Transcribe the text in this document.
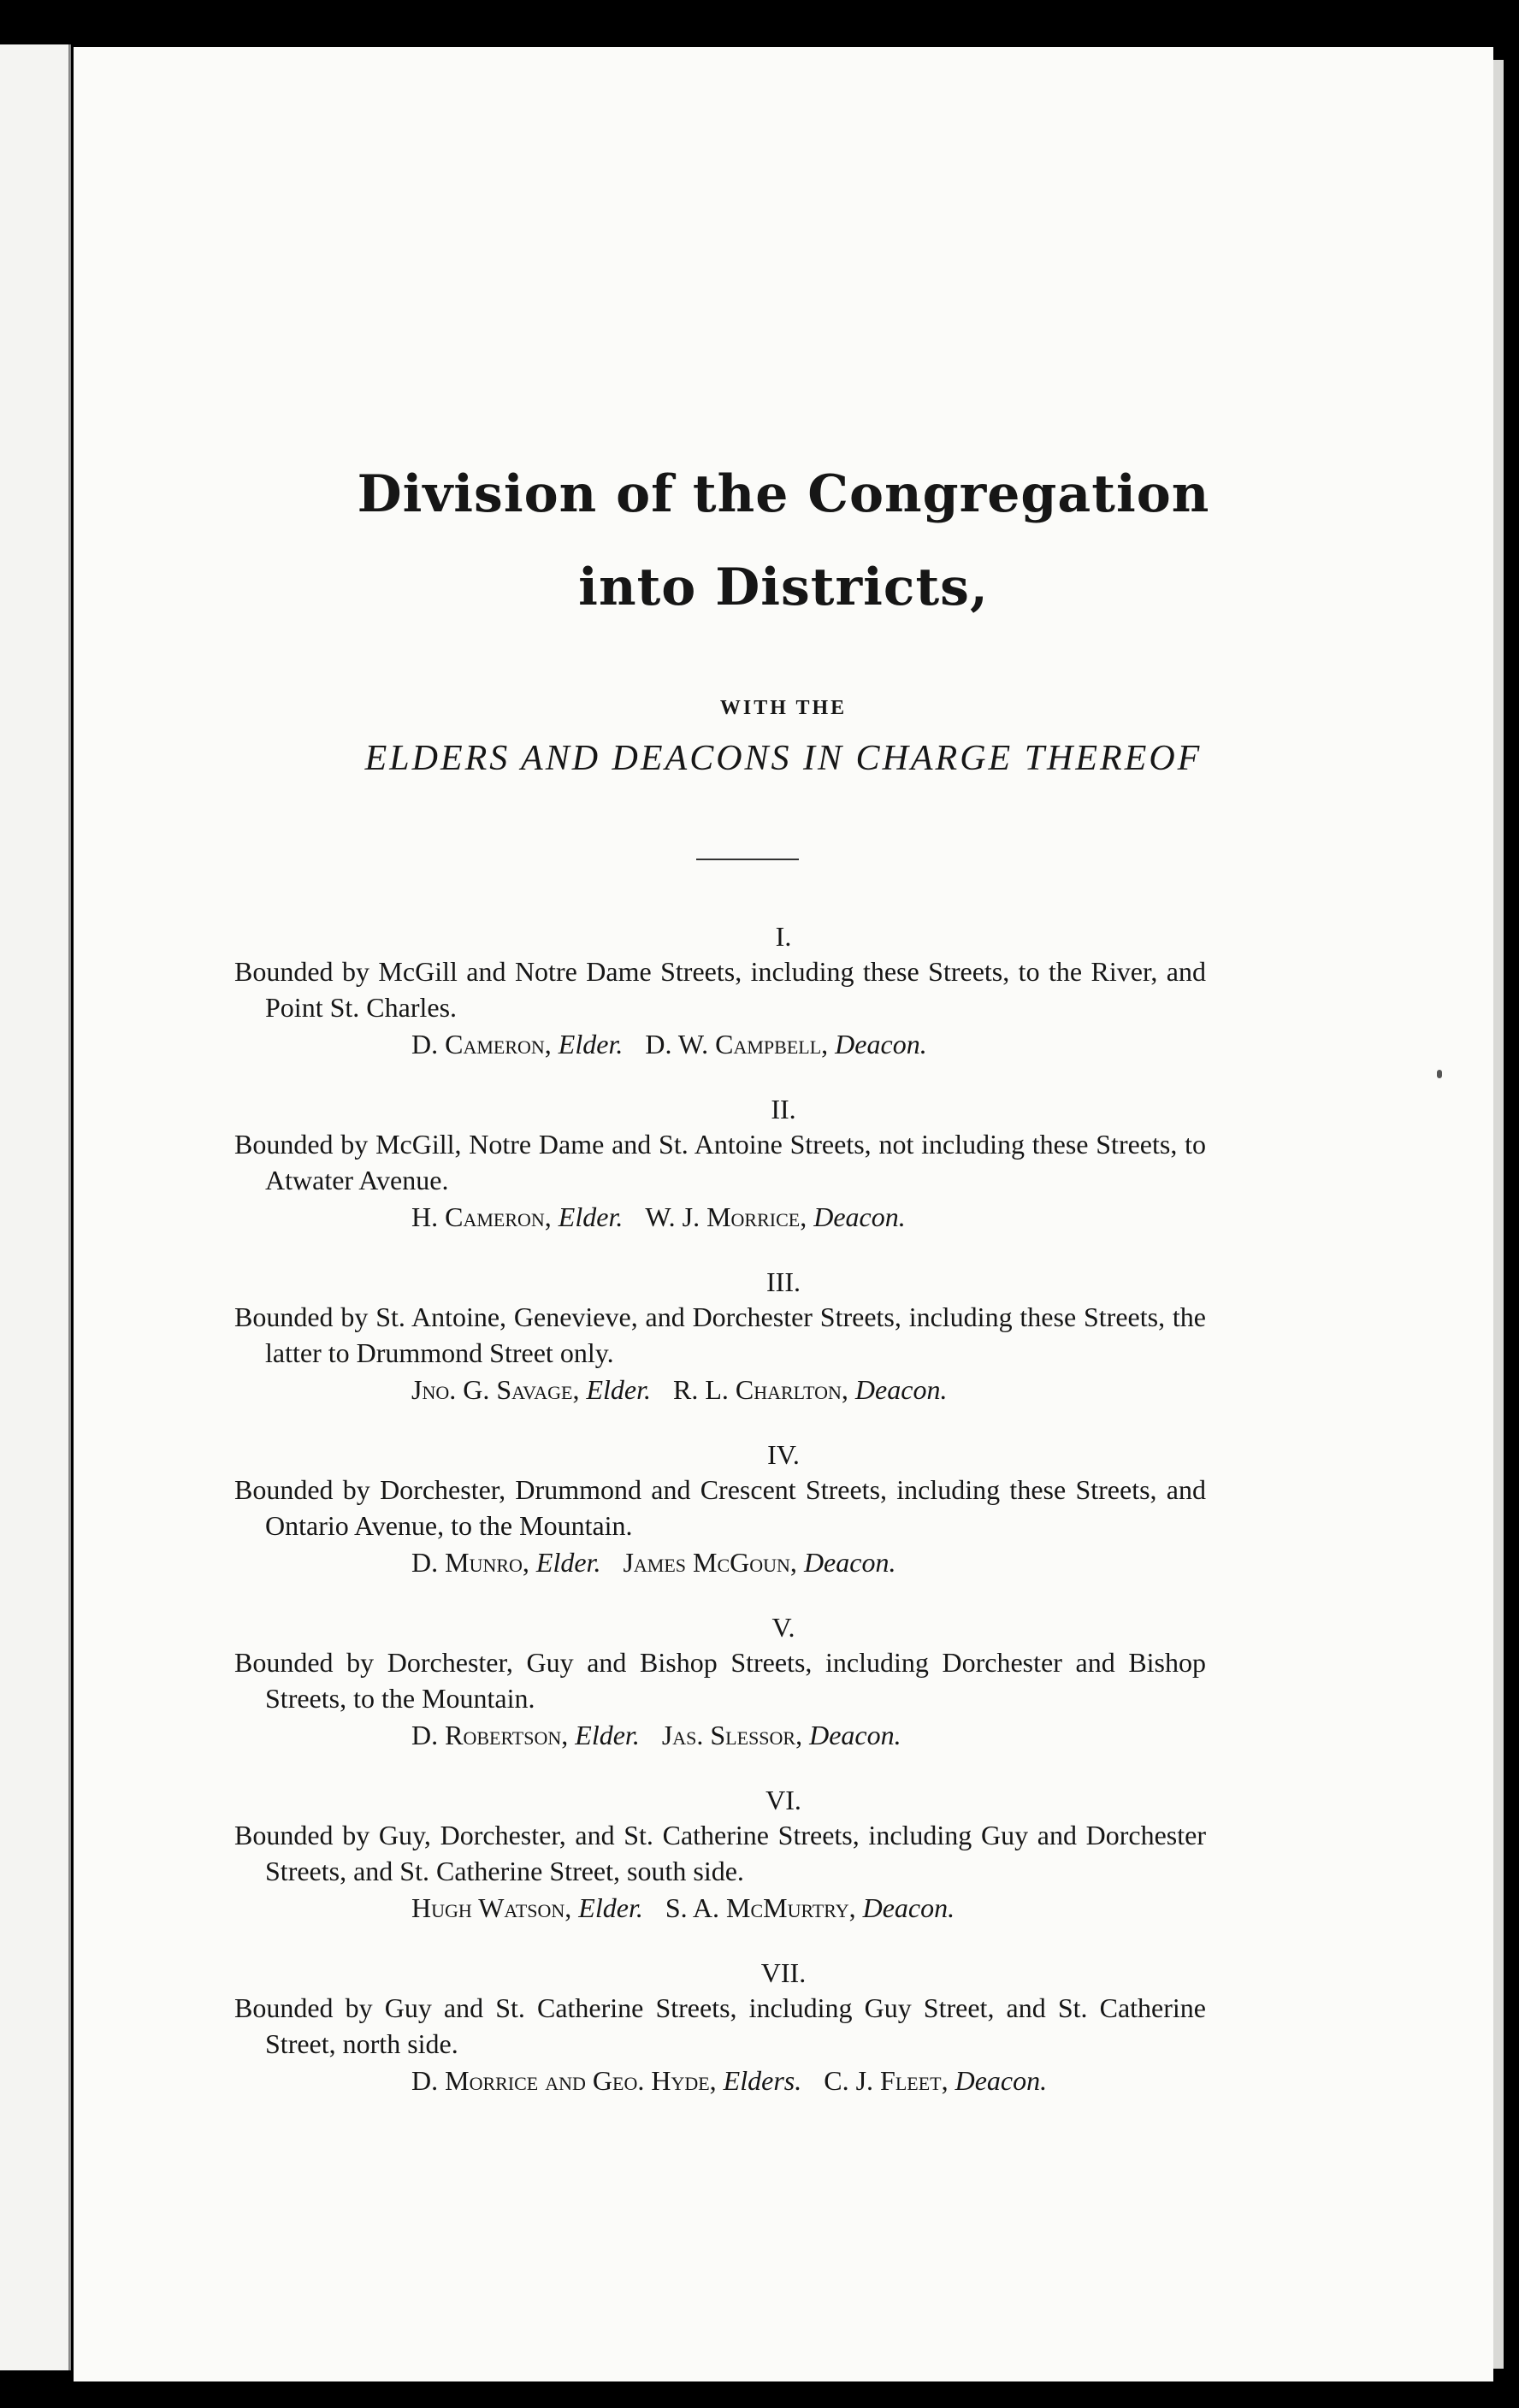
Division of the Congregation
into Districts,
WITH THE
ELDERS AND DEACONS IN CHARGE THEREOF
I.
Bounded by McGill and Notre Dame Streets, including these Streets, to the River, and Point St. Charles.
D. Cameron, Elder. D. W. Campbell, Deacon.
II.
Bounded by McGill, Notre Dame and St. Antoine Streets, not including these Streets, to Atwater Avenue.
H. Cameron, Elder. W. J. Morrice, Deacon.
III.
Bounded by St. Antoine, Genevieve, and Dorchester Streets, including these Streets, the latter to Drummond Street only.
Jno. G. Savage, Elder. R. L. Charlton, Deacon.
IV.
Bounded by Dorchester, Drummond and Crescent Streets, including these Streets, and Ontario Avenue, to the Mountain.
D. Munro, Elder. James McGoun, Deacon.
V.
Bounded by Dorchester, Guy and Bishop Streets, including Dorchester and Bishop Streets, to the Mountain.
D. Robertson, Elder. Jas. Slessor, Deacon.
VI.
Bounded by Guy, Dorchester, and St. Catherine Streets, including Guy and Dorchester Streets, and St. Catherine Street, south side.
Hugh Watson, Elder. S. A. McMurtry, Deacon.
VII.
Bounded by Guy and St. Catherine Streets, including Guy Street, and St. Catherine Street, north side.
D. Morrice and Geo. Hyde, Elders. C. J. Fleet, Deacon.
